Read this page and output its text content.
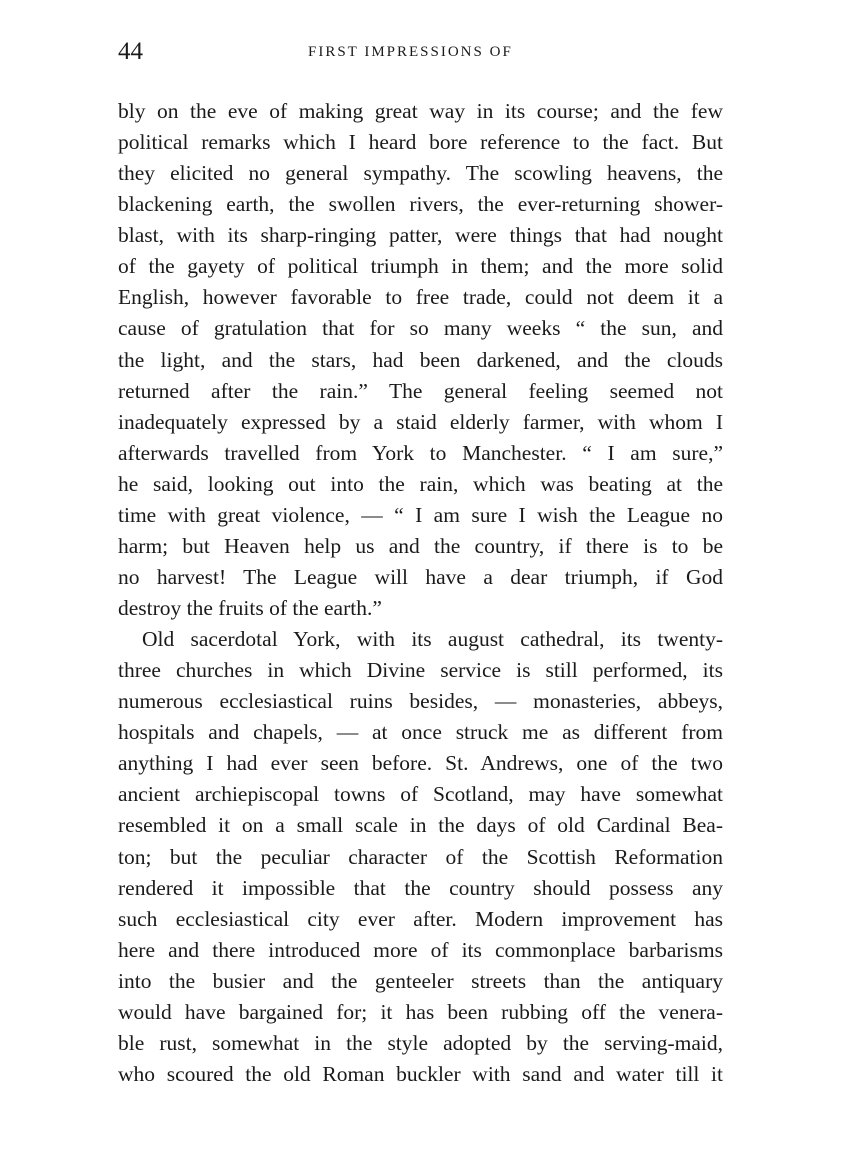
44	FIRST IMPRESSIONS OF
bly on the eve of making great way in its course; and the few
political remarks which I heard bore reference to the fact. But
they elicited no general sympathy. The scowling heavens, the
blackening earth, the swollen rivers, the ever-returning shower-
blast, with its sharp-ringing patter, were things that had nought
of the gayety of political triumph in them; and the more solid
English, however favorable to free trade, could not deem it a
cause of gratulation that for so many weeks “ the sun, and
the light, and the stars, had been darkened, and the clouds
returned after the rain.” The general feeling seemed not
inadequately expressed by a staid elderly farmer, with whom I
afterwards travelled from York to Manchester. “ I am sure,”
he said, looking out into the rain, which was beating at the
time with great violence, — “ I am sure I wish the League no
harm; but Heaven help us and the country, if there is to be
no harvest! The League will have a dear triumph, if God
destroy the fruits of the earth.”
Old sacerdotal York, with its august cathedral, its twenty-
three churches in which Divine service is still performed, its
numerous ecclesiastical ruins besides, — monasteries, abbeys,
hospitals and chapels, — at once struck me as different from
anything I had ever seen before. St. Andrews, one of the two
ancient archiepiscopal towns of Scotland, may have somewhat
resembled it on a small scale in the days of old Cardinal Bea-
ton; but the peculiar character of the Scottish Reformation
rendered it impossible that the country should possess any
such ecclesiastical city ever after. Modern improvement has
here and there introduced more of its commonplace barbarisms
into the busier and the genteeler streets than the antiquary
would have bargained for; it has been rubbing off the venera-
ble rust, somewhat in the style adopted by the serving-maid,
who scoured the old Roman buckler with sand and water till it
